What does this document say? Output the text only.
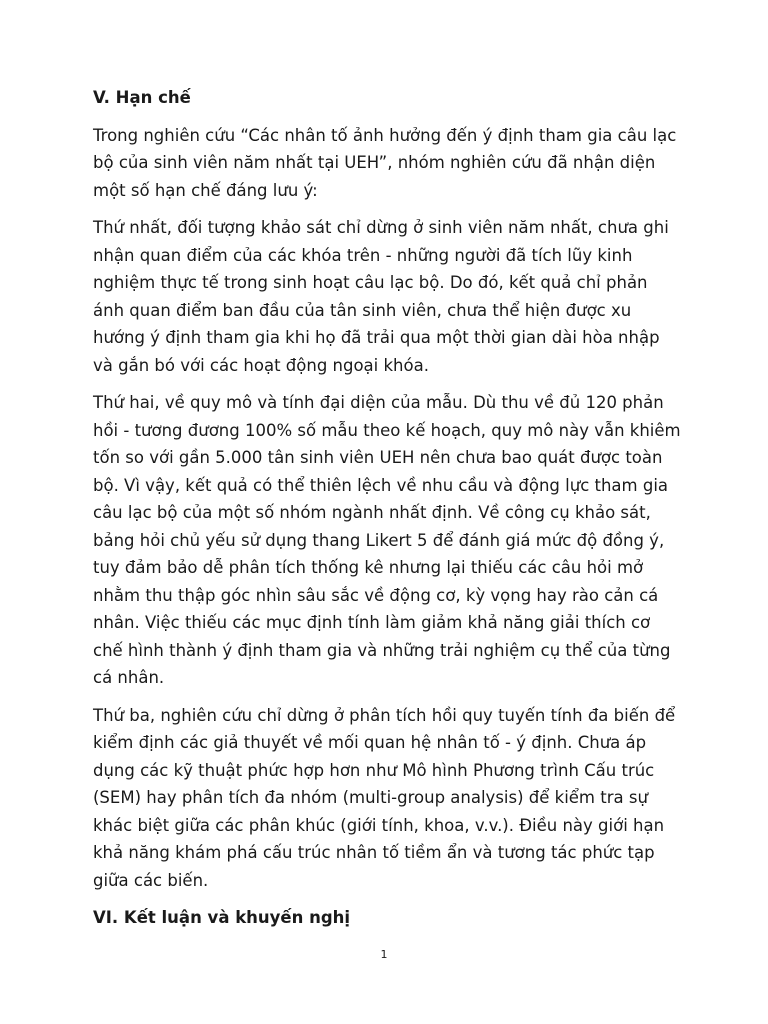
V. Hạn chế

Trong nghiên cứu “Các nhân tố ảnh hưởng đến ý định tham gia câu lạc bộ của sinh viên năm nhất tại UEH”, nhóm nghiên cứu đã nhận diện một số hạn chế đáng lưu ý:

Thứ nhất, đối tượng khảo sát chỉ dừng ở sinh viên năm nhất, chưa ghi nhận quan điểm của các khóa trên - những người đã tích lũy kinh nghiệm thực tế trong sinh hoạt câu lạc bộ. Do đó, kết quả chỉ phản ánh quan điểm ban đầu của tân sinh viên, chưa thể hiện được xu hướng ý định tham gia khi họ đã trải qua một thời gian dài hòa nhập và gắn bó với các hoạt động ngoại khóa.

Thứ hai, về quy mô và tính đại diện của mẫu. Dù thu về đủ 120 phản hồi - tương đương 100% số mẫu theo kế hoạch, quy mô này vẫn khiêm tốn so với gần 5.000 tân sinh viên UEH nên chưa bao quát được toàn bộ. Vì vậy, kết quả có thể thiên lệch về nhu cầu và động lực tham gia câu lạc bộ của một số nhóm ngành nhất định. Về công cụ khảo sát, bảng hỏi chủ yếu sử dụng thang Likert 5 để đánh giá mức độ đồng ý, tuy đảm bảo dễ phân tích thống kê nhưng lại thiếu các câu hỏi mở nhằm thu thập góc nhìn sâu sắc về động cơ, kỳ vọng hay rào cản cá nhân. Việc thiếu các mục định tính làm giảm khả năng giải thích cơ chế hình thành ý định tham gia và những trải nghiệm cụ thể của từng cá nhân.

Thứ ba, nghiên cứu chỉ dừng ở phân tích hồi quy tuyến tính đa biến để kiểm định các giả thuyết về mối quan hệ nhân tố - ý định. Chưa áp dụng các kỹ thuật phức hợp hơn như Mô hình Phương trình Cấu trúc (SEM) hay phân tích đa nhóm (multi-group analysis) để kiểm tra sự khác biệt giữa các phân khúc (giới tính, khoa, v.v.). Điều này giới hạn khả năng khám phá cấu trúc nhân tố tiềm ẩn và tương tác phức tạp giữa các biến.

VI. Kết luận và khuyến nghị
1
